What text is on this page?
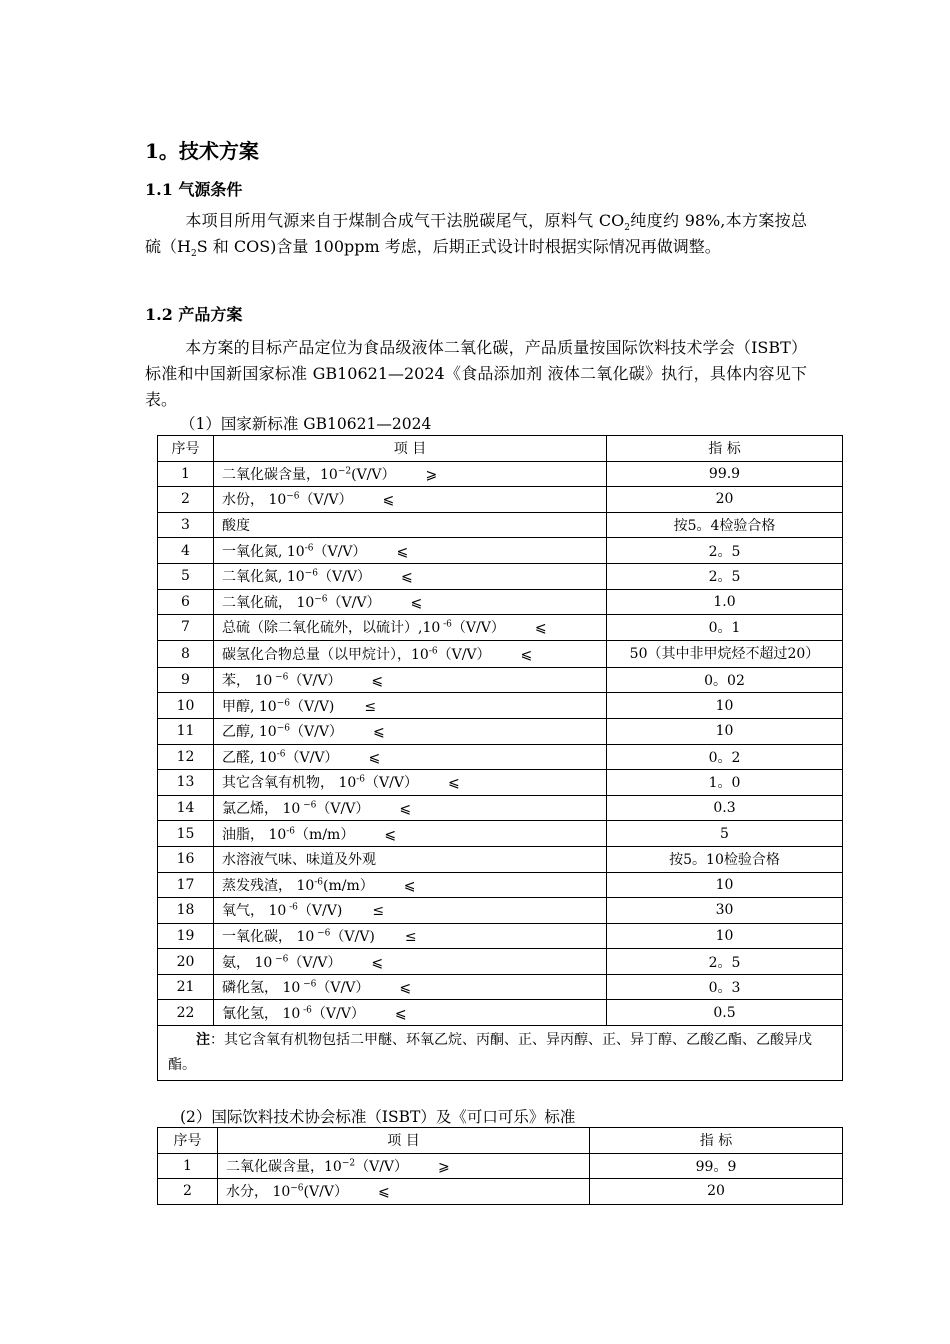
1。技术方案
1.1 气源条件
本项目所用气源来自于煤制合成气干法脱碳尾气，原料气 $CO_2$纯度约 98%,本方案按总硫（$H_2S$ 和 COS)含量 100ppm 考虑，后期正式设计时根据实际情况再做调整。
1.2 产品方案
本方案的目标产品定位为食品级液体二氧化碳，产品质量按国际饮料技术学会（ISBT）标准和中国新国家标准 GB10621—2024《食品添加剂 液体二氧化碳》执行，具体内容见下表。
（1）国家新标准 GB10621—2024
序号	项 目	指 标
1	二氧化碳含量，$10^{-2}(V/V)$ ⩾	99.9
2	水份， $10^{-6}(V/V)$ ⩽	20
3	酸度	按5。4检验合格
4	一氧化氮, $10^{-6}(V/V)$ ⩽	2。5
5	二氧化氮, $10^{-6}(V/V)$ ⩽	2。5
6	二氧化硫， $10^{-6}(V/V)$ ⩽	1.0
7	总硫（除二氧化硫外，以硫计）,10 $^{-6}$（V/V） ⩽	0。1
8	碳氢化合物总量（以甲烷计），$10^{-6}(V/V)$ ⩽	50（其中非甲烷烃不超过20）
9	苯， 10 $^{-6}$（V/V） ⩽	0。02
10	甲醇, $10^{-6}(V/V)$ ≤	10
11	乙醇, $10^{-6}(V/V)$ ⩽	10
12	乙醛, $10^{-6}(V/V)$ ⩽	0。2
13	其它含氧有机物， $10^{-6}(V/V)$ ⩽	1。0
14	氯乙烯， 10 $^{-6}$（V/V） ⩽	0.3
15	油脂， $10^{-6}(m/m)$ ⩽	5
16	水溶液气味、味道及外观	按5。10检验合格
17	蒸发残渣， $10^{-6}(m/m)$ ⩽	10
18	氧气， 10 $^{-6}$（V/V) ≤	30
19	一氧化碳， 10 $^{-6}$（V/V) ≤	10
20	氨， 10 $^{-6}$（V/V） ⩽	2。5
21	磷化氢， 10 $^{-6}$（V/V） ⩽	0。3
22	氰化氢， 10 $^{-6}$（V/V） ⩽	0.5
注：其它含氧有机物包括二甲醚、环氧乙烷、丙酮、正、异丙醇、正、异丁醇、乙酸乙酯、乙酸异戊酯。		
(2）国际饮料技术协会标准（ISBT）及《可口可乐》标准
序号	项 目	指 标
1	二氧化碳含量，$10^{-2}(V/V)$ ⩾	99。9
2	水分， $10^{-6}(V/V)$ ⩽	20
